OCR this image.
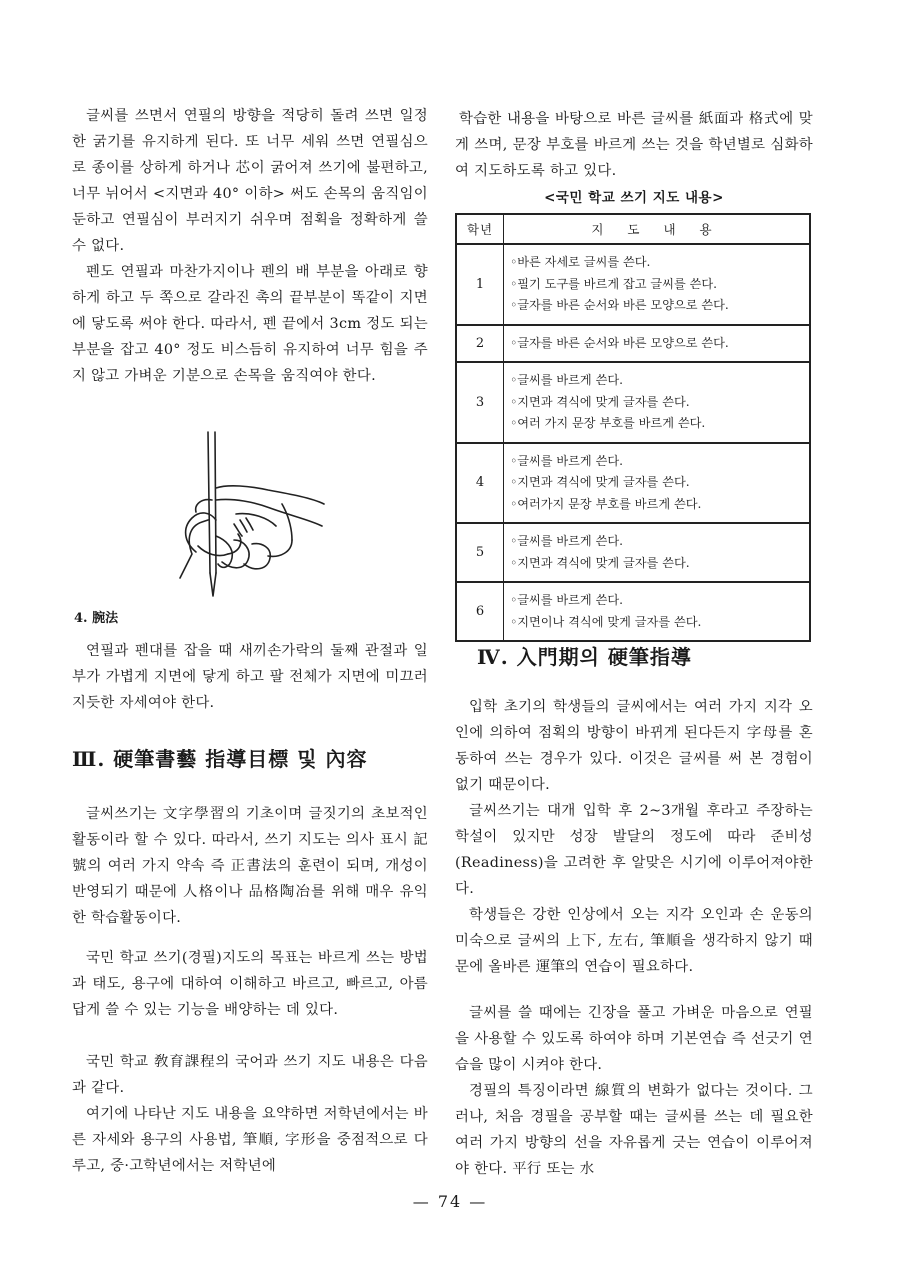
글씨를 쓰면서 연필의 방향을 적당히 돌려 쓰면 일정한 굵기를 유지하게 된다. 또 너무 세워 쓰면 연필심으로 종이를 상하게 하거나 芯이 굵어져 쓰기에 불편하고, 너무 뉘어서 <지면과 40° 이하> 써도 손목의 움직임이 둔하고 연필심이 부러지기 쉬우며 점획을 정확하게 쓸 수 없다.

펜도 연필과 마찬가지이나 펜의 배 부분을 아래로 향하게 하고 두 쪽으로 갈라진 촉의 끝부분이 똑같이 지면에 닿도록 써야 한다. 따라서, 펜 끝에서 3cm 정도 되는 부분을 잡고 40° 정도 비스듬히 유지하여 너무 힘을 주지 않고 가벼운 기분으로 손목을 움직여야 한다.

4. 腕法

연필과 펜대를 잡을 때 새끼손가락의 둘째 관절과 일부가 가볍게 지면에 닿게 하고 팔 전체가 지면에 미끄러지듯한 자세여야 한다.

Ⅲ. 硬筆書藝 指導目標 및 內容

글씨쓰기는 文字學習의 기초이며 글짓기의 초보적인 활동이라 할 수 있다. 따라서, 쓰기 지도는 의사 표시 記號의 여러 가지 약속 즉 正書法의 훈련이 되며, 개성이 반영되기 때문에 人格이나 品格陶冶를 위해 매우 유익한 학습활동이다.

국민 학교 쓰기(경필)지도의 목표는 바르게 쓰는 방법과 태도, 용구에 대하여 이해하고 바르고, 빠르고, 아름답게 쓸 수 있는 기능을 배양하는 데 있다.

국민 학교 敎育課程의 국어과 쓰기 지도 내용은 다음과 같다.

여기에 나타난 지도 내용을 요약하면 저학년에서는 바른 자세와 용구의 사용법, 筆順, 字形을 중점적으로 다루고, 중·고학년에서는 저학년에

학습한 내용을 바탕으로 바른 글씨를 紙面과 格式에 맞게 쓰며, 문장 부호를 바르게 쓰는 것을 학년별로 심화하여 지도하도록 하고 있다.

<국민 학교 쓰기 지도 내용>

학년	지 도 내 용
1	◦바른 자세로 글씨를 쓴다.
◦필기 도구를 바르게 잡고 글씨를 쓴다.
◦글자를 바른 순서와 바른 모양으로 쓴다.

2	◦글자를 바른 순서와 바른 모양으로 쓴다.

3	◦글씨를 바르게 쓴다.
◦지면과 격식에 맞게 글자를 쓴다.
◦여러 가지 문장 부호를 바르게 쓴다.

4	◦글씨를 바르게 쓴다.
◦지면과 격식에 맞게 글자를 쓴다.
◦여러가지 문장 부호를 바르게 쓴다.

5	◦글씨를 바르게 쓴다.
◦지면과 격식에 맞게 글자를 쓴다.

6	◦글씨를 바르게 쓴다.
◦지면이나 격식에 맞게 글자를 쓴다.
Ⅳ. 入門期의 硬筆指導

입학 초기의 학생들의 글씨에서는 여러 가지 지각 오인에 의하여 점획의 방향이 바뀌게 된다든지 字母를 혼동하여 쓰는 경우가 있다. 이것은 글씨를 써 본 경험이 없기 때문이다.

글씨쓰기는 대개 입학 후 2~3개월 후라고 주장하는 학설이 있지만 성장 발달의 정도에 따라 준비성(Readiness)을 고려한 후 알맞은 시기에 이루어져야한다.

학생들은 강한 인상에서 오는 지각 오인과 손 운동의 미숙으로 글씨의 上下, 左右, 筆順을 생각하지 않기 때문에 올바른 運筆의 연습이 필요하다.

글씨를 쓸 때에는 긴장을 풀고 가벼운 마음으로 연필을 사용할 수 있도록 하여야 하며 기본연습 즉 선긋기 연습을 많이 시켜야 한다.

경필의 특징이라면 線質의 변화가 없다는 것이다. 그러나, 처음 경필을 공부할 때는 글씨를 쓰는 데 필요한 여러 가지 방향의 선을 자유롭게 긋는 연습이 이루어져야 한다. 平行 또는 水

— 74 —
